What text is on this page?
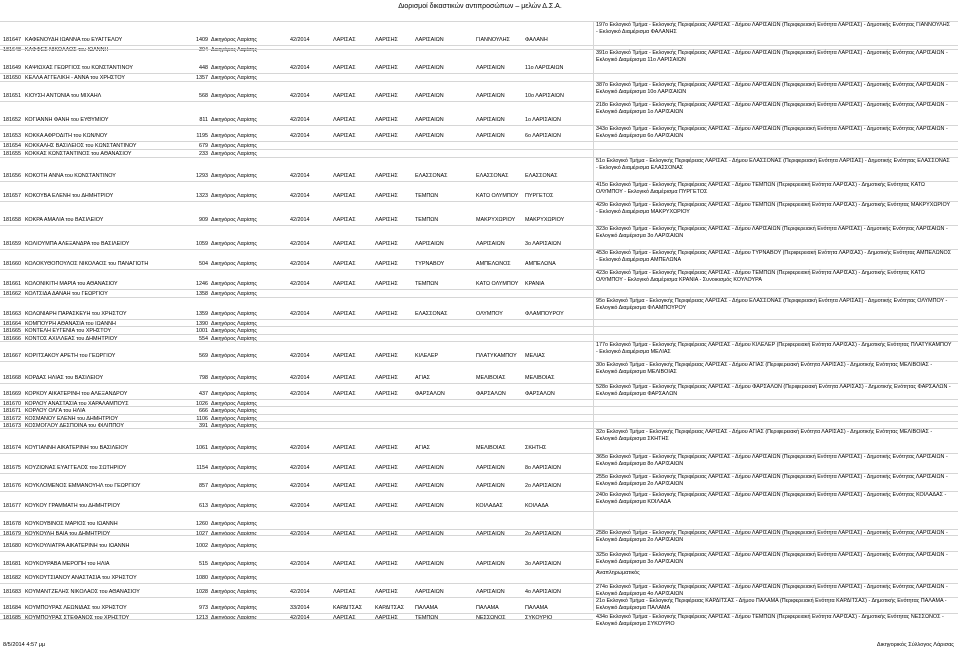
Διορισμοί δικαστικών αντιπροσώπων – μελών Δ.Σ.Α.
181647 ΚΑΦΕΝΟΥΔΗ ΙΩΑΝΝΑ του ΕΥΑΓΓΕΛΟΥ	1409 Δικηγόρος Λαρίσης	42/2014	ΛΑΡΙΣΑΣ	ΛΑΡΙΣΗΣ	ΛΑΡΙΣΑΙΩΝ	ΓΙΑΝΝΟΥΛΗΣ	ΦΑΛΑΝΗ
197ο Εκλογικό Τμήμα - Εκλογικής Περιφέρειας ΛΑΡΙΣΑΣ - Δήμου ΛΑΡΙΣΑΙΩΝ (Περιφερειακή Ενότητα ΛΑΡΙΣΑΣ) - Δημοτικής Ενότητας ΓΙΑΝΝΟΥΛΗΣ - Εκλογικό Διαμέρισμα ΦΑΛΑΝΗΣ
181648 ΚΑΦΦΕΣ ΝΙΚΟΛΑΟΣ του ΙΩΑΝΝΗ	304 Δικηγόρος Λαρίσης
181649 ΚΑΨΙΩΧΑΣ ΓΕΩΡΓΙΟΣ του ΚΩΝΣΤΑΝΤΙΝΟΥ	448 Δικηγόρος Λαρίσης	42/2014	ΛΑΡΙΣΑΣ	ΛΑΡΙΣΗΣ	ΛΑΡΙΣΑΙΩΝ	ΛΑΡΙΣΑΙΩΝ	11ο ΛΑΡΙΣΑΙΩΝ
391ο Εκλογικό Τμήμα - Εκλογικής Περιφέρειας ΛΑΡΙΣΑΣ - Δήμου ΛΑΡΙΣΑΙΩΝ (Περιφερειακή Ενότητα ΛΑΡΙΣΑΣ) - Δημοτικής Ενότητας ΛΑΡΙΣΑΙΩΝ - Εκλογικό Διαμέρισμα 11ο ΛΑΡΙΣΑΙΩΝ
181650 ΚΕΛΛΑ ΑΓΓΕΛΙΚΗ - ΑΝΝΑ του ΧΡΗΣΤΟΥ	1357 Δικηγόρος Λαρίσης
181651 ΚΙΟΥΣΗ ΑΝΤΩΝΙΑ του ΜΙΧΑΗΛ	568 Δικηγόρος Λαρίσης	42/2014	ΛΑΡΙΣΑΣ	ΛΑΡΙΣΗΣ	ΛΑΡΙΣΑΙΩΝ	ΛΑΡΙΣΑΙΩΝ	10ο ΛΑΡΙΣΑΙΩΝ
387ο Εκλογικό Τμήμα - Εκλογικής Περιφέρειας ΛΑΡΙΣΑΣ - Δήμου ΛΑΡΙΣΑΙΩΝ (Περιφερειακή Ενότητα ΛΑΡΙΣΑΣ) - Δημοτικής Ενότητας ΛΑΡΙΣΑΙΩΝ - Εκλογικό Διαμέρισμα 10ο ΛΑΡΙΣΑΙΩΝ
181652 ΚΟΓΙΑΝΝΗ ΦΑΝΗ του ΕΥΘΥΜΙΟΥ	811 Δικηγόρος Λαρίσης	42/2014	ΛΑΡΙΣΑΣ	ΛΑΡΙΣΗΣ	ΛΑΡΙΣΑΙΩΝ	ΛΑΡΙΣΑΙΩΝ	1ο ΛΑΡΙΣΑΙΩΝ
218ο Εκλογικό Τμήμα - Εκλογικής Περιφέρειας ΛΑΡΙΣΑΣ - Δήμου ΛΑΡΙΣΑΙΩΝ (Περιφερειακή Ενότητα ΛΑΡΙΣΑΣ) - Δημοτικής Ενότητας ΛΑΡΙΣΑΙΩΝ - Εκλογικό Διαμέρισμα 1ο ΛΑΡΙΣΑΙΩΝ
181653 ΚΟΚΚΑ ΑΦΡΟΔΙΤΗ του ΚΩΝ/ΝΟΥ	1195 Δικηγόρος Λαρίσης	42/2014	ΛΑΡΙΣΑΣ	ΛΑΡΙΣΗΣ	ΛΑΡΙΣΑΙΩΝ	ΛΑΡΙΣΑΙΩΝ	6ο ΛΑΡΙΣΑΙΩΝ
343ο Εκλογικό Τμήμα - Εκλογικής Περιφέρειας ΛΑΡΙΣΑΣ - Δήμου ΛΑΡΙΣΑΙΩΝ (Περιφερειακή Ενότητα ΛΑΡΙΣΑΣ) - Δημοτικής Ενότητας ΛΑΡΙΣΑΙΩΝ - Εκλογικό Διαμέρισμα 6ο ΛΑΡΙΣΑΙΩΝ
181654 ΚΟΚΚΑΛΗΣ ΒΑΣΙΛΕΙΟΣ του ΚΩΝΣΤΑΝΤΙΝΟΥ	679 Δικηγόρος Λαρίσης
181655 ΚΟΚΚΑΣ ΚΩΝΣΤΑΝΤΙΝΟΣ του ΑΘΑΝΑΣΙΟΥ	233 Δικηγόρος Λαρίσης
181656 ΚΟΚΟΤΗ ΑΝΝΑ του ΚΩΝΣΤΑΝΤΙΝΟΥ	1293 Δικηγόρος Λαρίσης	42/2014	ΛΑΡΙΣΑΣ	ΛΑΡΙΣΗΣ	ΕΛΑΣΣΟΝΑΣ	ΕΛΑΣΣΟΝΑΣ	ΕΛΑΣΣΟΝΑΣ
51ο Εκλογικό Τμήμα - Εκλογικής Περιφέρειας ΛΑΡΙΣΑΣ - Δήμου ΕΛΑΣΣΟΝΑΣ (Περιφερειακή Ενότητα ΛΑΡΙΣΑΣ) - Δημοτικής Ενότητας ΕΛΑΣΣΟΝΑΣ - Εκλογικό Διαμέρισμα ΕΛΑΣΣΟΝΑΣ
181657 ΚΟΚΟΥΒΑ ΕΛΕΝΗ του ΔΗΜΗΤΡΙΟΥ	1323 Δικηγόρος Λαρίσης	42/2014	ΛΑΡΙΣΑΣ	ΛΑΡΙΣΗΣ	ΤΕΜΠΩΝ	ΚΑΤΩ ΟΛΥΜΠΟΥ	ΠΥΡΓΕΤΟΣ
415ο Εκλογικό Τμήμα - Εκλογικής Περιφέρειας ΛΑΡΙΣΑΣ - Δήμου ΤΕΜΠΩΝ (Περιφερειακή Ενότητα ΛΑΡΙΣΑΣ) - Δημοτικής Ενότητας ΚΑΤΩ ΟΛΥΜΠΟΥ - Εκλογικό Διαμέρισμα ΠΥΡΓΕΤΟΣ
181658 ΚΟΚΡΑ ΑΜΑΛΙΑ του ΒΑΣΙΛΕΙΟΥ	909 Δικηγόρος Λαρίσης	42/2014	ΛΑΡΙΣΑΣ	ΛΑΡΙΣΗΣ	ΤΕΜΠΩΝ	ΜΑΚΡΥΧΩΡΙΟΥ	ΜΑΚΡΥΧΩΡΙΟΥ
429ο Εκλογικό Τμήμα - Εκλογικής Περιφέρειας ΛΑΡΙΣΑΣ - Δήμου ΤΕΜΠΩΝ (Περιφερειακή Ενότητα ΛΑΡΙΣΑΣ) - Δημοτικής Ενότητας ΜΑΚΡΥΧΩΡΙΟΥ - Εκλογικό Διαμέρισμα ΜΑΚΡΥΧΩΡΙΟΥ
181659 ΚΟΛΙΟΥΜΠΑ ΑΛΕΞΑΝΔΡΑ του ΒΑΣΙΛΕΙΟΥ	1059 Δικηγόρος Λαρίσης	42/2014	ΛΑΡΙΣΑΣ	ΛΑΡΙΣΗΣ	ΛΑΡΙΣΑΙΩΝ	ΛΑΡΙΣΑΙΩΝ	3ο ΛΑΡΙΣΑΙΩΝ
323ο Εκλογικό Τμήμα - Εκλογικής Περιφέρειας ΛΑΡΙΣΑΣ - Δήμου ΛΑΡΙΣΑΙΩΝ (Περιφερειακή Ενότητα ΛΑΡΙΣΑΣ) - Δημοτικής Ενότητας ΛΑΡΙΣΑΙΩΝ - Εκλογικό Διαμέρισμα 3ο ΛΑΡΙΣΑΙΩΝ
181660 ΚΟΛΟΚΥΘΟΠΟΥΛΟΣ ΝΙΚΟΛΑΟΣ του ΠΑΝΑΓΙΩΤΗ	504 Δικηγόρος Λαρίσης	42/2014	ΛΑΡΙΣΑΣ	ΛΑΡΙΣΗΣ	ΤΥΡΝΑΒΟΥ	ΑΜΠΕΛΩΝΟΣ	ΑΜΠΕΛΩΝΑ
453ο Εκλογικό Τμήμα - Εκλογικής Περιφέρειας ΛΑΡΙΣΑΣ - Δήμου ΤΥΡΝΑΒΟΥ (Περιφερειακή Ενότητα ΛΑΡΙΣΑΣ) - Δημοτικής Ενότητας ΑΜΠΕΛΩΝΟΣ - Εκλογικό Διαμέρισμα ΑΜΠΕΛΩΝΑ
181661 ΚΟΛΟΝΙΚΙΤΗ ΜΑΡΙΑ του ΑΘΑΝΑΣΙΟΥ	1246 Δικηγόρος Λαρίσης	42/2014	ΛΑΡΙΣΑΣ	ΛΑΡΙΣΗΣ	ΤΕΜΠΩΝ	ΚΑΤΩ ΟΛΥΜΠΟΥ	ΚΡΑΝΙΑ
423ο Εκλογικό Τμήμα - Εκλογικής Περιφέρειας ΛΑΡΙΣΑΣ - Δήμου ΤΕΜΠΩΝ (Περιφερειακή Ενότητα ΛΑΡΙΣΑΣ) - Δημοτικής Ενότητας ΚΑΤΩ ΟΛΥΜΠΟΥ - Εκλογικό Διαμέρισμα ΚΡΑΝΙΑ - Συνοικισμός ΚΟΥΛΟΥΡΑ
181662 ΚΟΛΤΣΙΔΑ ΔΑΝΑΗ του ΓΕΩΡΓΙΟΥ	1358 Δικηγόρος Λαρίσης
181663 ΚΟΛΩΝΙΑΡΗ ΠΑΡΑΣΚΕΥΗ του ΧΡΗΣΤΟΥ	1359 Δικηγόρος Λαρίσης	42/2014	ΛΑΡΙΣΑΣ	ΛΑΡΙΣΗΣ	ΕΛΑΣΣΟΝΑΣ	ΟΛΥΜΠΟΥ	ΦΛΑΜΠΟΥΡΟΥ
95ο Εκλογικό Τμήμα - Εκλογικής Περιφέρειας ΛΑΡΙΣΑΣ - Δήμου ΕΛΑΣΣΟΝΑΣ (Περιφερειακή Ενότητα ΛΑΡΙΣΑΣ) - Δημοτικής Ενότητας ΟΛΥΜΠΟΥ - Εκλογικό Διαμέρισμα ΦΛΑΜΠΟΥΡΟΥ
181664 ΚΟΜΠΟΥΡΗ ΑΘΑΝΑΣΙΑ του ΙΩΑΝΝΗ	1390 Δικηγόρος Λαρίσης
181665 ΚΟΝΤΕΛΗ ΕΥΓΕΝΙΑ του ΧΡΗΣΤΟΥ	1001 Δικηγόρος Λαρίσης
181666 ΚΟΝΤΟΣ ΑΧΙΛΛΕΑΣ του ΔΗΜΗΤΡΙΟΥ	554 Δικηγόρος Λαρίσης
181667 ΚΟΡΙΤΣΑΚΟΥ ΑΡΕΤΗ του ΓΕΩΡΓΙΟΥ	569 Δικηγόρος Λαρίσης	42/2014	ΛΑΡΙΣΑΣ	ΛΑΡΙΣΗΣ	ΚΙΛΕΛΕΡ	ΠΛΑΤΥΚΑΜΠΟΥ	ΜΕΛΙΑΣ
177ο Εκλογικό Τμήμα - Εκλογικής Περιφέρειας ΛΑΡΙΣΑΣ - Δήμου ΚΙΛΕΛΕΡ (Περιφερειακή Ενότητα ΛΑΡΙΣΑΣ) - Δημοτικής Ενότητας ΠΛΑΤΥΚΑΜΠΟΥ - Εκλογικό Διαμέρισμα ΜΕΛΙΑΣ
181668 ΚΟΡΔΑΣ ΗΛΙΑΣ του ΒΑΣΙΛΕΙΟΥ	798 Δικηγόρος Λαρίσης	42/2014	ΛΑΡΙΣΑΣ	ΛΑΡΙΣΗΣ	ΑΓΙΑΣ	ΜΕΛΙΒΟΙΑΣ	ΜΕΛΙΒΟΙΑΣ
30ο Εκλογικό Τμήμα - Εκλογικής Περιφέρειας ΛΑΡΙΣΑΣ - Δήμου ΑΓΙΑΣ (Περιφερειακή Ενότητα ΛΑΡΙΣΑΣ) - Δημοτικής Ενότητας ΜΕΛΙΒΟΙΑΣ - Εκλογικό Διαμέρισμα ΜΕΛΙΒΟΙΑΣ
181669 ΚΟΡΚΟΥ ΑΙΚΑΤΕΡΙΝΗ του ΑΛΕΞΑΝΔΡΟΥ	437 Δικηγόρος Λαρίσης	42/2014	ΛΑΡΙΣΑΣ	ΛΑΡΙΣΗΣ	ΦΑΡΣΑΛΩΝ	ΦΑΡΣΑΛΩΝ	ΦΑΡΣΑΛΩΝ
528ο Εκλογικό Τμήμα - Εκλογικής Περιφέρειας ΛΑΡΙΣΑΣ - Δήμου ΦΑΡΣΑΛΩΝ (Περιφερειακή Ενότητα ΛΑΡΙΣΑΣ) - Δημοτικής Ενότητας ΦΑΡΣΑΛΩΝ - Εκλογικό Διαμέρισμα ΦΑΡΣΑΛΩΝ
181670 ΚΟΡΛΟΥ ΑΝΑΣΤΑΣΙΑ του ΧΑΡΑΛΑΜΠΟΥΣ	1026 Δικηγόρος Λαρίσης
181671 ΚΟΡΛΟΥ ΟΛΓΑ του ΗΛΙΑ	666 Δικηγόρος Λαρίσης
181672 ΚΟΣΜΑΝΟΥ ΕΛΕΝΗ του ΔΗΜΗΤΡΙΟΥ	1106 Δικηγόρος Λαρίσης
181673 ΚΟΣΜΟΓΛΟΥ ΔΕΣΠΟΙΝΑ του ΦΙΛΙΠΠΟΥ	391 Δικηγόρος Λαρίσης
181674 ΚΟΥΓΙΑΝΝΗ ΑΙΚΑΤΕΡΙΝΗ του ΒΑΣΙΛΕΙΟΥ	1061 Δικηγόρος Λαρίσης	42/2014	ΛΑΡΙΣΑΣ	ΛΑΡΙΣΗΣ	ΑΓΙΑΣ	ΜΕΛΙΒΟΙΑΣ	ΣΚΗΤΗΣ
32ο Εκλογικό Τμήμα - Εκλογικής Περιφέρειας ΛΑΡΙΣΑΣ - Δήμου ΑΓΙΑΣ (Περιφερειακή Ενότητα ΛΑΡΙΣΑΣ) - Δημοτικής Ενότητας ΜΕΛΙΒΟΙΑΣ - Εκλογικό Διαμέρισμα ΣΚΗΤΗΣ
181675 ΚΟΥΖΙΩΝΑΣ ΕΥΑΓΓΕΛΟΣ του ΣΩΤΗΡΙΟΥ	1154 Δικηγόρος Λαρίσης	42/2014	ΛΑΡΙΣΑΣ	ΛΑΡΙΣΗΣ	ΛΑΡΙΣΑΙΩΝ	ΛΑΡΙΣΑΙΩΝ	8ο ΛΑΡΙΣΑΙΩΝ
365ο Εκλογικό Τμήμα - Εκλογικής Περιφέρειας ΛΑΡΙΣΑΣ - Δήμου ΛΑΡΙΣΑΙΩΝ (Περιφερειακή Ενότητα ΛΑΡΙΣΑΣ) - Δημοτικής Ενότητας ΛΑΡΙΣΑΙΩΝ - Εκλογικό Διαμέρισμα 8ο ΛΑΡΙΣΑΙΩΝ
181676 ΚΟΥΚΛΟΜΕΝΟΣ ΕΜΜΑΝΟΥΗΛ του ΓΕΩΡΓΙΟΥ	857 Δικηγόρος Λαρίσης	42/2014	ΛΑΡΙΣΑΣ	ΛΑΡΙΣΗΣ	ΛΑΡΙΣΑΙΩΝ	ΛΑΡΙΣΑΙΩΝ	2ο ΛΑΡΙΣΑΙΩΝ
255ο Εκλογικό Τμήμα - Εκλογικής Περιφέρειας ΛΑΡΙΣΑΣ - Δήμου ΛΑΡΙΣΑΙΩΝ (Περιφερειακή Ενότητα ΛΑΡΙΣΑΣ) - Δημοτικής Ενότητας ΛΑΡΙΣΑΙΩΝ - Εκλογικό Διαμέρισμα 2ο ΛΑΡΙΣΑΙΩΝ
181677 ΚΟΥΚΟΥ ΓΡΑΜΜΑΤΗ του ΔΗΜΗΤΡΙΟΥ	613 Δικηγόρος Λαρίσης	42/2014	ΛΑΡΙΣΑΣ	ΛΑΡΙΣΗΣ	ΛΑΡΙΣΑΙΩΝ	ΚΟΙΛΑΔΑΣ	ΚΟΙΛΑΔΑ
240ο Εκλογικό Τμήμα - Εκλογικής Περιφέρειας ΛΑΡΙΣΑΣ - Δήμου ΛΑΡΙΣΑΙΩΝ (Περιφερειακή Ενότητα ΛΑΡΙΣΑΣ) - Δημοτικής Ενότητας ΚΟΙΛΑΔΑΣ - Εκλογικό Διαμέρισμα ΚΟΙΛΑΔΑ
181678 ΚΟΥΚΟΥΒΙΝΟΣ ΜΑΡΙΟΣ του ΙΩΑΝΝΗ	1260 Δικηγόρος Λαρίσης
181679 ΚΟΥΚΟΥΛΗ ΒΑΙΑ του ΔΗΜΗΤΡΙΟΥ	1027 Δικηγόρος Λαρίσης	42/2014	ΛΑΡΙΣΑΣ	ΛΑΡΙΣΗΣ	ΛΑΡΙΣΑΙΩΝ	ΛΑΡΙΣΑΙΩΝ	2ο ΛΑΡΙΣΑΙΩΝ	258ο Εκλογικό Τμήμα - Εκλογικής Περιφέρειας ΛΑΡΙΣΑΣ - Δήμου ΛΑΡΙΣΑΙΩΝ (Περιφερειακή Ενότητα ΛΑΡΙΣΑΣ) - Δημοτικής Ενότητας ΛΑΡΙΣΑΙΩΝ - Εκλογικό Διαμέρισμα 2ο ΛΑΡΙΣΑΙΩΝ
181680 ΚΟΥΚΟΥΛΙΑΤΡΑ ΑΙΚΑΤΕΡΙΝΗ του ΙΩΑΝΝΗ	1002 Δικηγόρος Λαρίσης
181681 ΚΟΥΚΟΥΡΑΒΑ ΜΕΡΟΠΗ του ΗΛΙΑ	515 Δικηγόρος Λαρίσης	42/2014	ΛΑΡΙΣΑΣ	ΛΑΡΙΣΗΣ	ΛΑΡΙΣΑΙΩΝ	ΛΑΡΙΣΑΙΩΝ	3ο ΛΑΡΙΣΑΙΩΝ
325ο Εκλογικό Τμήμα - Εκλογικής Περιφέρειας ΛΑΡΙΣΑΣ - Δήμου ΛΑΡΙΣΑΙΩΝ (Περιφερειακή Ενότητα ΛΑΡΙΣΑΣ) - Δημοτικής Ενότητας ΛΑΡΙΣΑΙΩΝ - Εκλογικό Διαμέρισμα 3ο ΛΑΡΙΣΑΙΩΝ
181682 ΚΟΥΚΟΥΤΣΙΑΝΟΥ ΑΝΑΣΤΑΣΙΑ του ΧΡΗΣΤΟΥ	1080 Δικηγόρος Λαρίσης
Αναπληρωματικός
181683 ΚΟΥΜΑΝΤΖΕΛΗΣ ΝΙΚΟΛΑΟΣ του ΑΘΑΝΑΣΙΟΥ	1028 Δικηγόρος Λαρίσης	42/2014	ΛΑΡΙΣΑΣ	ΛΑΡΙΣΗΣ	ΛΑΡΙΣΑΙΩΝ	ΛΑΡΙΣΑΙΩΝ	4ο ΛΑΡΙΣΑΙΩΝ
274ο Εκλογικό Τμήμα - Εκλογικής Περιφέρειας ΛΑΡΙΣΑΣ - Δήμου ΛΑΡΙΣΑΙΩΝ (Περιφερειακή Ενότητα ΛΑΡΙΣΑΣ) - Δημοτικής Ενότητας ΛΑΡΙΣΑΙΩΝ - Εκλογικό Διαμέρισμα 4ο ΛΑΡΙΣΑΙΩΝ
181684 ΚΟΥΜΠΟΥΡΑΣ ΛΕΩΝΙΔΑΣ του ΧΡΗΣΤΟΥ	973 Δικηγόρος Λαρίσης	33/2014	ΚΑΡΔΙΤΣΑΣ	ΚΑΡΔΙΤΣΑΣ	ΠΑΛΑΜΑ	ΠΑΛΑΜΑ	ΠΑΛΑΜΑ
21ο Εκλογικό Τμήμα - Εκλογικής Περιφέρειας ΚΑΡΔΙΤΣΑΣ - Δήμου ΠΑΛΑΜΑ (Περιφερειακή Ενότητα ΚΑΡΔΙΤΣΑΣ) - Δημοτικής Ενότητας ΠΑΛΑΜΑ - Εκλογικό Διαμέρισμα ΠΑΛΑΜΑ
181685 ΚΟΥΜΠΟΥΡΑΣ ΣΤΕΦΑΝΟΣ του ΧΡΗΣΤΟΥ	1213 Δικηγόρος Λαρίσης	42/2014	ΛΑΡΙΣΑΣ	ΛΑΡΙΣΗΣ	ΤΕΜΠΩΝ	ΝΕΣΣΩΝΟΣ	ΣΥΚΟΥΡΙΟ	434ο Εκλογικό Τμήμα - Εκλογικής Περιφέρειας ΛΑΡΙΣΑΣ - Δήμου ΤΕΜΠΩΝ (Περιφερειακή Ενότητα ΛΑΡΙΣΑΣ) - Δημοτικής Ενότητας ΝΕΣΣΩΝΟΣ - Εκλογικό Διαμέρισμα ΣΥΚΟΥΡΙΟ
8/5/2014 4:57 μμ	Δικηγορικός Σύλλογος Λάρισας
